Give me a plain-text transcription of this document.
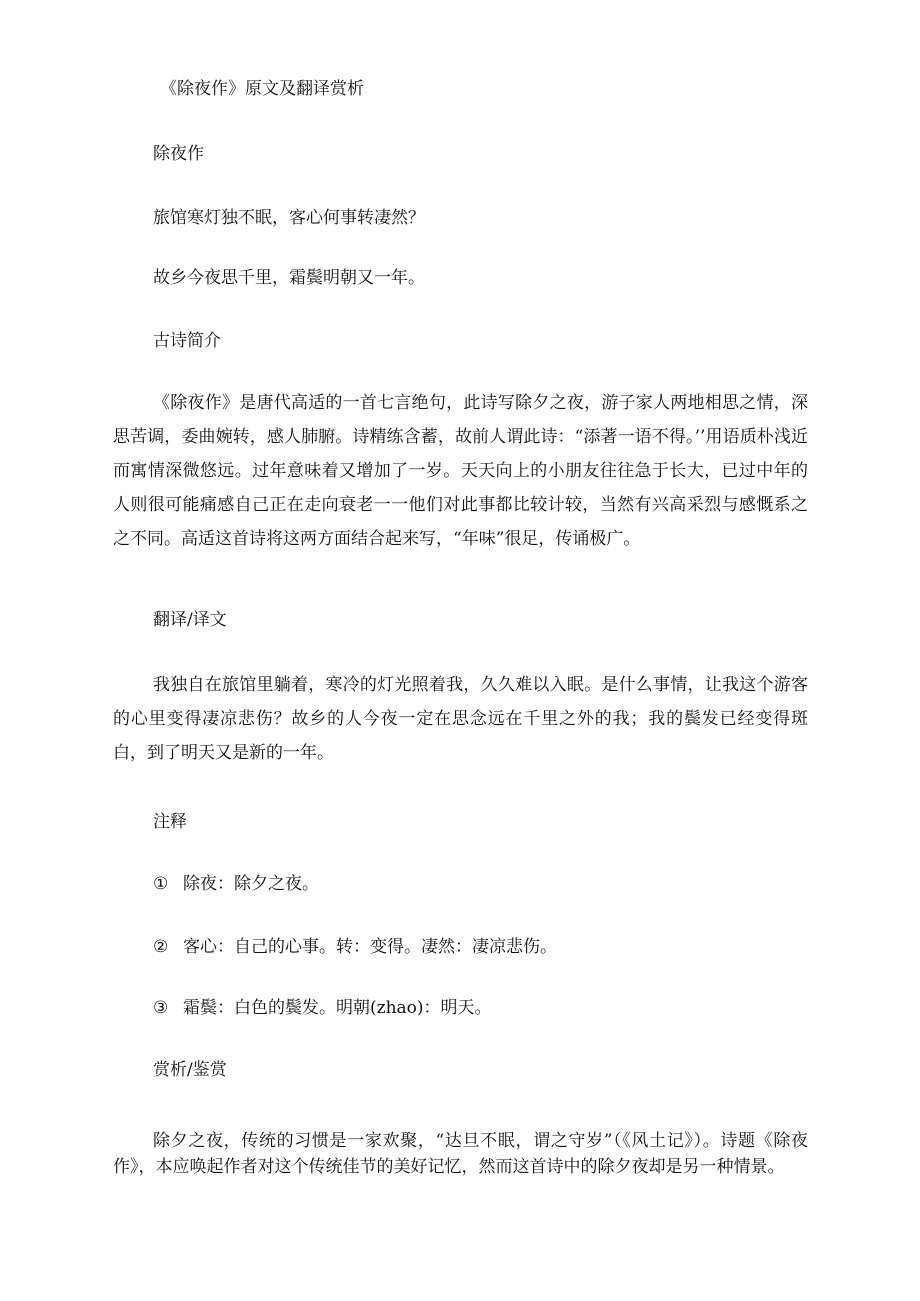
《除夜作》原文及翻译赏析
除夜作
旅馆寒灯独不眠，客心何事转凄然？
故乡今夜思千里，霜鬓明朝又一年。
古诗简介
《除夜作》是唐代高适的一首七言绝句，此诗写除夕之夜，游子家人两地相思之情，深思苦调，委曲婉转，感人肺腑。诗精练含蓄，故前人谓此诗：“添著一语不得。’’用语质朴浅近而寓情深微悠远。过年意味着又增加了一岁。天天向上的小朋友往往急于长大，已过中年的人则很可能痛感自己正在走向衰老一一他们对此事都比较计较，当然有兴高采烈与感慨系之之不同。高适这首诗将这两方面结合起来写，“年味”很足，传诵极广。
翻译/译文
我独自在旅馆里躺着，寒冷的灯光照着我，久久难以入眠。是什么事情，让我这个游客的心里变得凄凉悲伤？故乡的人今夜一定在思念远在千里之外的我；我的鬓发已经变得斑白，到了明天又是新的一年。
注释
① 除夜：除夕之夜。
② 客心：自己的心事。转：变得。凄然：凄凉悲伤。
③ 霜鬓：白色的鬓发。明朝(zhao)：明天。
赏析/鉴赏
除夕之夜，传统的习惯是一家欢聚，“达旦不眠，谓之守岁”（《风土记》）。诗题《除夜作》，本应唤起作者对这个传统佳节的美好记忆，然而这首诗中的除夕夜却是另一种情景。
